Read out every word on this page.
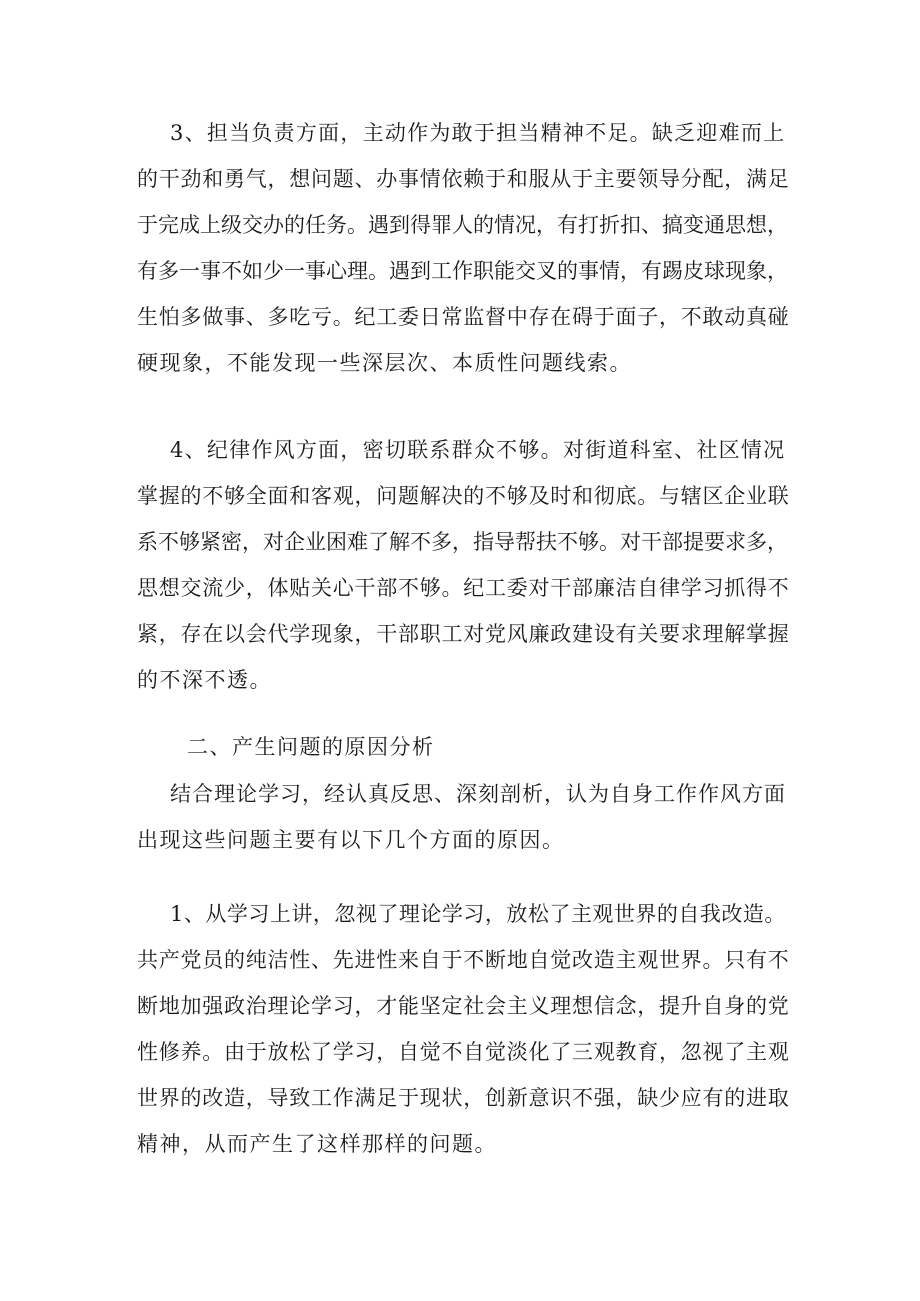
3、担当负责方面，主动作为敢于担当精神不足。缺乏迎难而上
的干劲和勇气，想问题、办事情依赖于和服从于主要领导分配，满足
于完成上级交办的任务。遇到得罪人的情况，有打折扣、搞变通思想，
有多一事不如少一事心理。遇到工作职能交叉的事情，有踢皮球现象，
生怕多做事、多吃亏。纪工委日常监督中存在碍于面子，不敢动真碰
硬现象，不能发现一些深层次、本质性问题线索。
4、纪律作风方面，密切联系群众不够。对街道科室、社区情况
掌握的不够全面和客观，问题解决的不够及时和彻底。与辖区企业联
系不够紧密，对企业困难了解不多，指导帮扶不够。对干部提要求多，
思想交流少，体贴关心干部不够。纪工委对干部廉洁自律学习抓得不
紧，存在以会代学现象，干部职工对党风廉政建设有关要求理解掌握
的不深不透。
二、产生问题的原因分析
结合理论学习，经认真反思、深刻剖析，认为自身工作作风方面
出现这些问题主要有以下几个方面的原因。
1、从学习上讲，忽视了理论学习，放松了主观世界的自我改造。
共产党员的纯洁性、先进性来自于不断地自觉改造主观世界。只有不
断地加强政治理论学习，才能坚定社会主义理想信念，提升自身的党
性修养。由于放松了学习，自觉不自觉淡化了三观教育，忽视了主观
世界的改造，导致工作满足于现状，创新意识不强，缺少应有的进取
精神，从而产生了这样那样的问题。
